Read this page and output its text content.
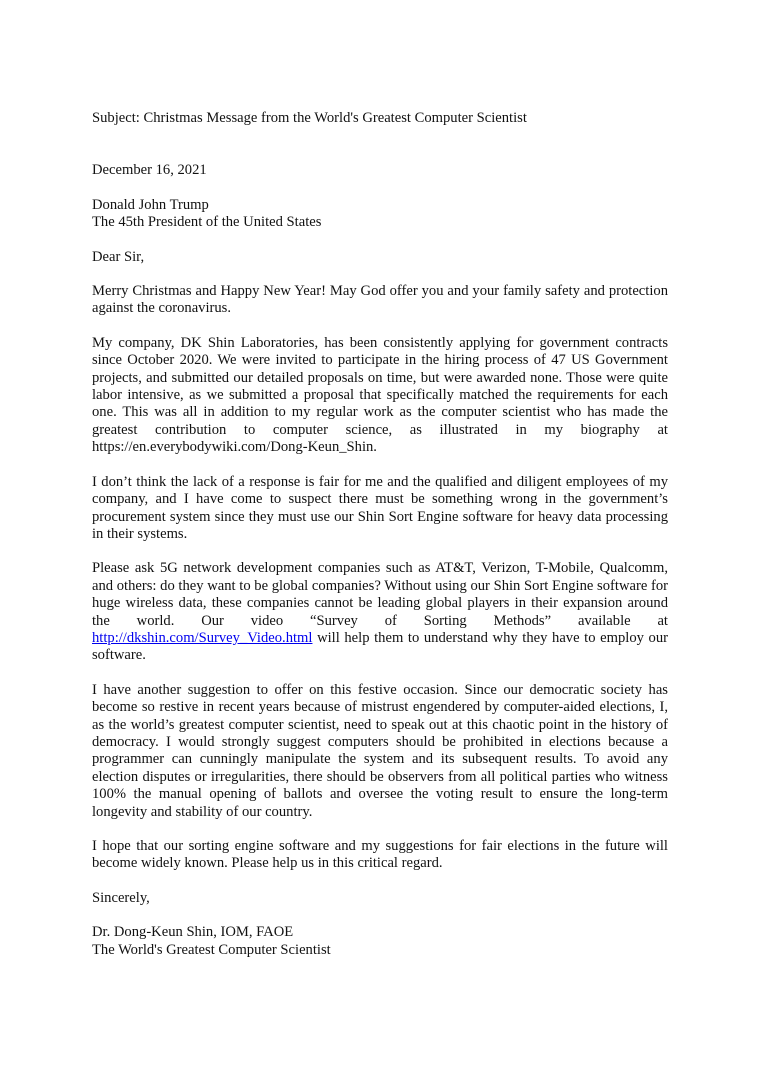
Subject: Christmas Message from the World's Greatest Computer Scientist

December 16, 2021

Donald John Trump
The 45th President of the United States

Dear Sir,

Merry Christmas and Happy New Year! May God offer you and your family safety and protection against the coronavirus.

My company, DK Shin Laboratories, has been consistently applying for government contracts since October 2020. We were invited to participate in the hiring process of 47 US Government projects, and submitted our detailed proposals on time, but were awarded none. Those were quite labor intensive, as we submitted a proposal that specifically matched the requirements for each one. This was all in addition to my regular work as the computer scientist who has made the greatest contribution to computer science, as illustrated in my biography at https://en.everybodywiki.com/Dong-Keun_Shin.

I don’t think the lack of a response is fair for me and the qualified and diligent employees of my company, and I have come to suspect there must be something wrong in the government’s procurement system since they must use our Shin Sort Engine software for heavy data processing in their systems.

Please ask 5G network development companies such as AT&T, Verizon, T-Mobile, Qualcomm, and others: do they want to be global companies? Without using our Shin Sort Engine software for huge wireless data, these companies cannot be leading global players in their expansion around the world. Our video “Survey of Sorting Methods” available at http://dkshin.com/Survey_Video.html will help them to understand why they have to employ our software.

I have another suggestion to offer on this festive occasion. Since our democratic society has become so restive in recent years because of mistrust engendered by computer-aided elections, I, as the world’s greatest computer scientist, need to speak out at this chaotic point in the history of democracy. I would strongly suggest computers should be prohibited in elections because a programmer can cunningly manipulate the system and its subsequent results. To avoid any election disputes or irregularities, there should be observers from all political parties who witness 100% the manual opening of ballots and oversee the voting result to ensure the long-term longevity and stability of our country.

I hope that our sorting engine software and my suggestions for fair elections in the future will become widely known. Please help us in this critical regard.

Sincerely,

Dr. Dong-Keun Shin, IOM, FAOE
The World's Greatest Computer Scientist
